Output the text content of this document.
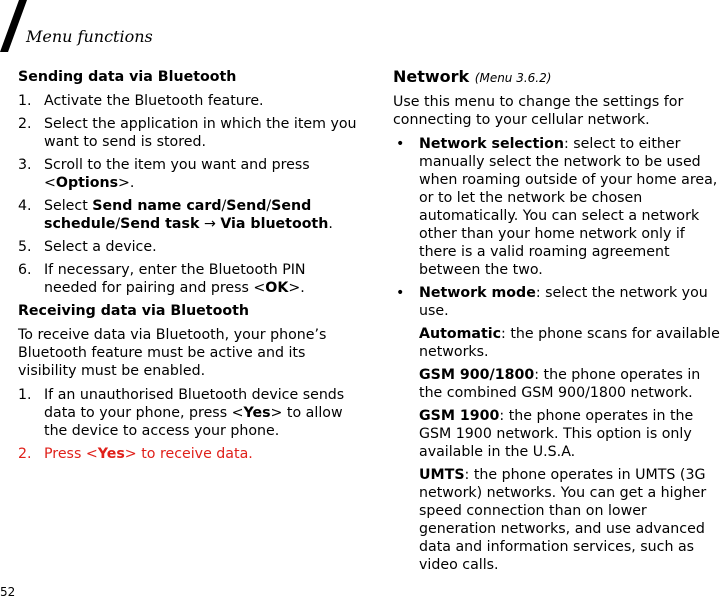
Menu functions
Sending data via Bluetooth
1. Activate the Bluetooth feature.
2. Select the application in which the item you want to send is stored.
3. Scroll to the item you want and press <Options>.
4. Select Send name card/Send/Send schedule/Send task → Via bluetooth.
5. Select a device.
6. If necessary, enter the Bluetooth PIN needed for pairing and press <OK>.
Receiving data via Bluetooth

To receive data via Bluetooth, your phone’s Bluetooth feature must be active and its visibility must be enabled.

1. If an unauthorised Bluetooth device sends data to your phone, press <Yes> to allow the device to access your phone.
2. Press <Yes> to receive data.
Network (Menu 3.6.2)

Use this menu to change the settings for connecting to your cellular network.

• Network selection: select to either manually select the network to be used when roaming outside of your home area, or to let the network be chosen automatically. You can select a network other than your home network only if there is a valid roaming agreement between the two.
• Network mode: select the network you use.

Automatic: the phone scans for available networks.

GSM 900/1800: the phone operates in the combined GSM 900/1800 network.

GSM 1900: the phone operates in the GSM 1900 network. This option is only available in the U.S.A.

UMTS: the phone operates in UMTS (3G network) networks. You can get a higher speed connection than on lower generation networks, and use advanced data and information services, such as video calls.

52
